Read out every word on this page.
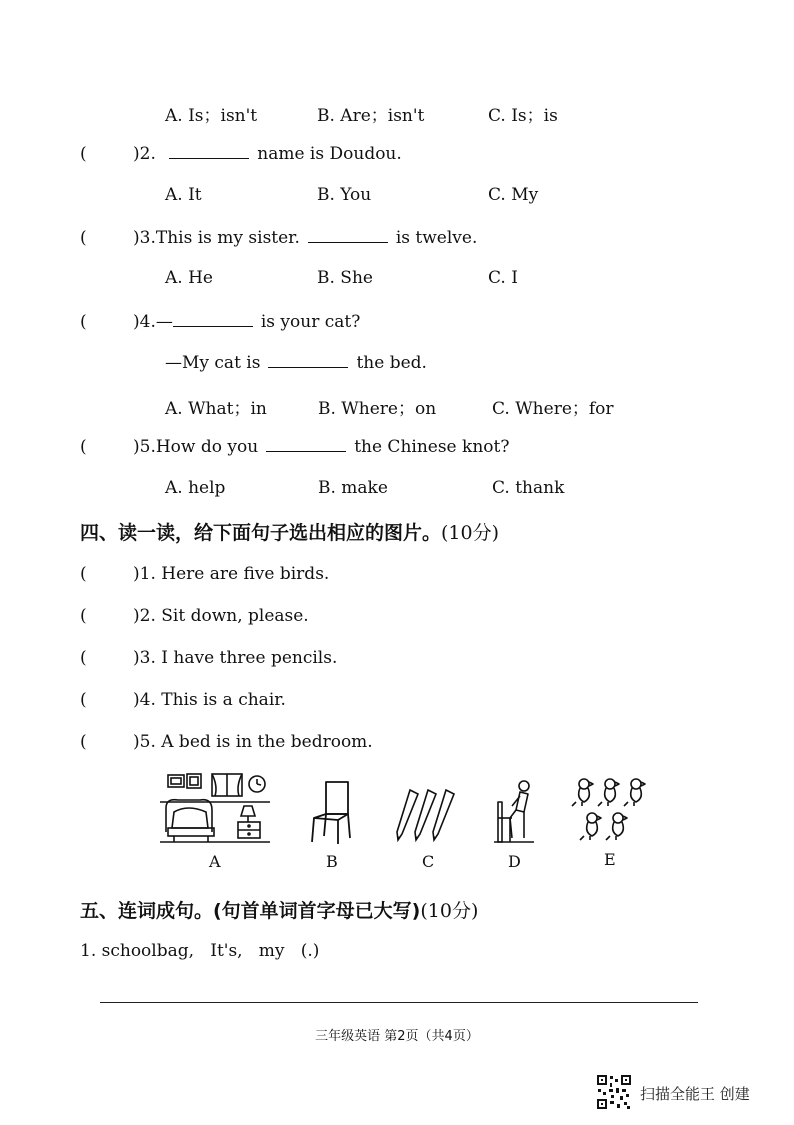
A. Is；isn't	B. Are；isn't	C. Is；is
(	)2.	name is Doudou.
A. It	B. You	C. My
(	)3.This is my sister.	is twelve.
A. He	B. She	C. I
(	)4.—	is your cat?
—My cat is	the bed.
A. What；in	B. Where；on	C. Where；for
(	)5.How do you	the Chinese knot?
A. help	B. make	C. thank
四、读一读，给下面句子选出相应的图片。(10分)
(	)1. Here are five birds.
(	)2. Sit down, please.
(	)3. I have three pencils.
(	)4. This is a chair.
(	)5. A bed is in the bedroom.
A	B	C	D	E
五、连词成句。(句首单词首字母已大写)(10分)
1. schoolbag,   It's,   my   (.)
三年级英语 第2页（共4页）
扫描全能王 创建
